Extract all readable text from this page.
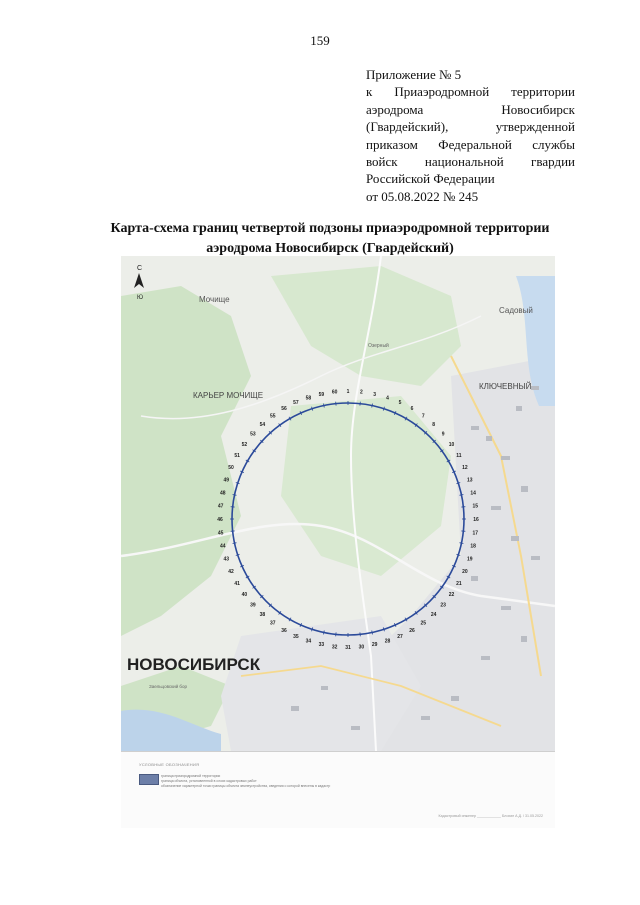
159
Приложение № 5
к Приаэродромной территории
аэродрома Новосибирск
(Гвардейский), утвержденной
приказом Федеральной службы
войск национальной гвардии
Российской Федерации
от 05.08.2022 № 245
Карта-схема границ четвертой подзоны приаэродромной территории
аэродрома Новосибирск (Гвардейский)
С
Ю	Мочище
Садовый
КАРЬЕР МОЧИЩЕ
КЛЮЧЕВНЫЙ
Озерный
НОВОСИБИРСК
Заельцовский бор
1 2 3
4
5
6
7
8
9
10
11
12
13
14
15
16
17
18
19
20
21
22
23
24
25
26
27
28
29
30
31
32
33
34
35
36
37
38
39
40
41
42
43
44
45
46
47
48
49
50
51
52
53
54
55
56
57
58
59 60
УСЛОВНЫЕ ОБОЗНАЧЕНИЯ
граница приаэродромной территории
граница объекта, установленной в слоях кадастровых работ
обозначение характерной точки границы объекта землеустройства, сведения о которой внесены в кадастр
Кадастровый инженер ____________ Блохин А.Д. / 31.05.2022
